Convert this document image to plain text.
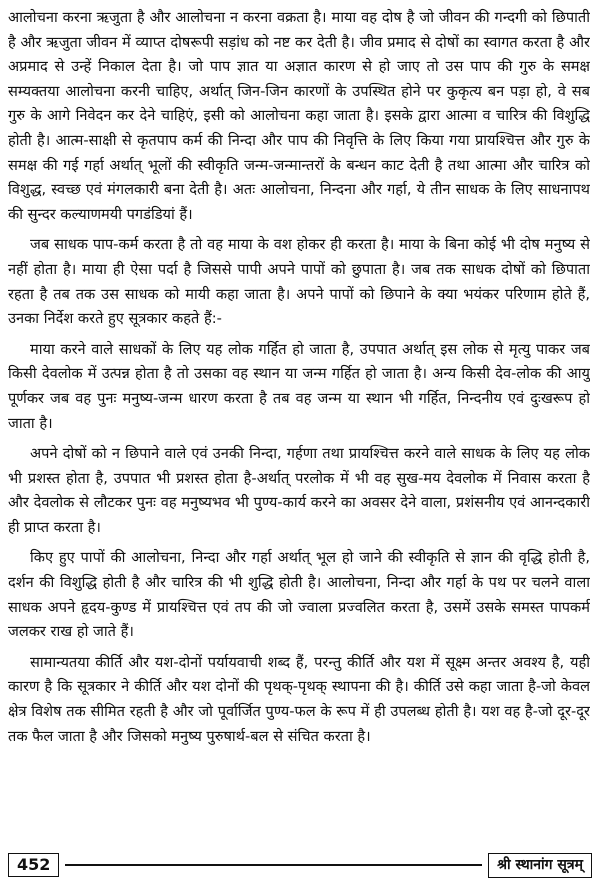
आलोचना करना ऋजुता है और आलोचना न करना वक्रता है। माया वह दोष है जो जीवन की गन्दगी को छिपाती है और ऋजुता जीवन में व्याप्त दोषरूपी सड़ांध को नष्ट कर देती है। जीव प्रमाद से दोषों का स्वागत करता है और अप्रमाद से उन्हें निकाल देता है। जो पाप ज्ञात या अज्ञात कारण से हो जाए तो उस पाप की गुरु के समक्ष सम्यक्तया आलोचना करनी चाहिए, अर्थात् जिन-जिन कारणों के उपस्थित होने पर कुकृत्य बन पड़ा हो, वे सब गुरु के आगे निवेदन कर देने चाहिएं, इसी को आलोचना कहा जाता है। इसके द्वारा आत्मा व चारित्र की विशुद्धि होती है। आत्म-साक्षी से कृतपाप कर्म की निन्दा और पाप की निवृत्ति के लिए किया गया प्रायश्चित्त और गुरु के समक्ष की गई गर्हा अर्थात् भूलों की स्वीकृति जन्म-जन्मान्तरों के बन्धन काट देती है तथा आत्मा और चारित्र को विशुद्ध, स्वच्छ एवं मंगलकारी बना देती है। अतः आलोचना, निन्दना और गर्हा, ये तीन साधक के लिए साधनापथ की सुन्दर कल्याणमयी पगडंडियां हैं।

जब साधक पाप-कर्म करता है तो वह माया के वश होकर ही करता है। माया के बिना कोई भी दोष मनुष्य से नहीं होता है। माया ही ऐसा पर्दा है जिससे पापी अपने पापों को छुपाता है। जब तक साधक दोषों को छिपाता रहता है तब तक उस साधक को मायी कहा जाता है। अपने पापों को छिपाने के क्या भयंकर परिणाम होते हैं, उनका निर्देश करते हुए सूत्रकार कहते हैं:-

माया करने वाले साधकों के लिए यह लोक गर्हित हो जाता है, उपपात अर्थात् इस लोक से मृत्यु पाकर जब किसी देवलोक में उत्पन्न होता है तो उसका वह स्थान या जन्म गर्हित हो जाता है। अन्य किसी देव-लोक की आयु पूर्णकर जब वह पुनः मनुष्य-जन्म धारण करता है तब वह जन्म या स्थान भी गर्हित, निन्दनीय एवं दुःखरूप हो जाता है।

अपने दोषों को न छिपाने वाले एवं उनकी निन्दा, गर्हणा तथा प्रायश्चित्त करने वाले साधक के लिए यह लोक भी प्रशस्त होता है, उपपात भी प्रशस्त होता है-अर्थात् परलोक में भी वह सुख-मय देवलोक में निवास करता है और देवलोक से लौटकर पुनः वह मनुष्यभव भी पुण्य-कार्य करने का अवसर देने वाला, प्रशंसनीय एवं आनन्दकारी ही प्राप्त करता है।

किए हुए पापों की आलोचना, निन्दा और गर्हा अर्थात् भूल हो जाने की स्वीकृति से ज्ञान की वृद्धि होती है, दर्शन की विशुद्धि होती है और चारित्र की भी शुद्धि होती है। आलोचना, निन्दा और गर्हा के पथ पर चलने वाला साधक अपने हृदय-कुण्ड में प्रायश्चित्त एवं तप की जो ज्वाला प्रज्वलित करता है, उसमें उसके समस्त पापकर्म जलकर राख हो जाते हैं।

सामान्यतया कीर्ति और यश-दोनों पर्यायवाची शब्द हैं, परन्तु कीर्ति और यश में सूक्ष्म अन्तर अवश्य है, यही कारण है कि सूत्रकार ने कीर्ति और यश दोनों की पृथक्-पृथक् स्थापना की है। कीर्ति उसे कहा जाता है-जो केवल क्षेत्र विशेष तक सीमित रहती है और जो पूर्वार्जित पुण्य-फल के रूप में ही उपलब्ध होती है। यश वह है-जो दूर-दूर तक फैल जाता है और जिसको मनुष्य पुरुषार्थ-बल से संचित करता है।

452	श्री स्थानांग सूत्रम्
